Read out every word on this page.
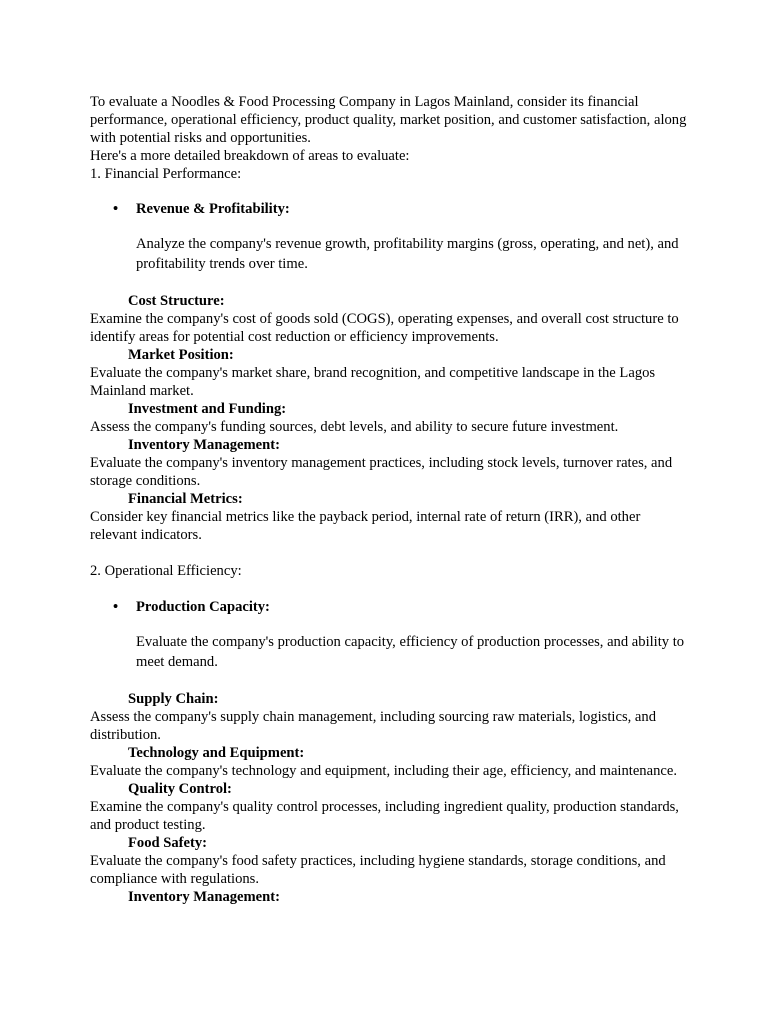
To evaluate a Noodles & Food Processing Company in Lagos Mainland, consider its financial performance, operational efficiency, product quality, market position, and customer satisfaction, along with potential risks and opportunities.

Here's a more detailed breakdown of areas to evaluate:

1. Financial Performance:

• Revenue & Profitability:

Analyze the company's revenue growth, profitability margins (gross, operating, and net), and profitability trends over time.

Cost Structure:

Examine the company's cost of goods sold (COGS), operating expenses, and overall cost structure to identify areas for potential cost reduction or efficiency improvements.

Market Position:

Evaluate the company's market share, brand recognition, and competitive landscape in the Lagos Mainland market.

Investment and Funding:

Assess the company's funding sources, debt levels, and ability to secure future investment.

Inventory Management:

Evaluate the company's inventory management practices, including stock levels, turnover rates, and storage conditions.

Financial Metrics:

Consider key financial metrics like the payback period, internal rate of return (IRR), and other relevant indicators.

2. Operational Efficiency:

• Production Capacity:

Evaluate the company's production capacity, efficiency of production processes, and ability to meet demand.

Supply Chain:

Assess the company's supply chain management, including sourcing raw materials, logistics, and distribution.

Technology and Equipment:

Evaluate the company's technology and equipment, including their age, efficiency, and maintenance.

Quality Control:

Examine the company's quality control processes, including ingredient quality, production standards, and product testing.

Food Safety:

Evaluate the company's food safety practices, including hygiene standards, storage conditions, and compliance with regulations.

Inventory Management:
